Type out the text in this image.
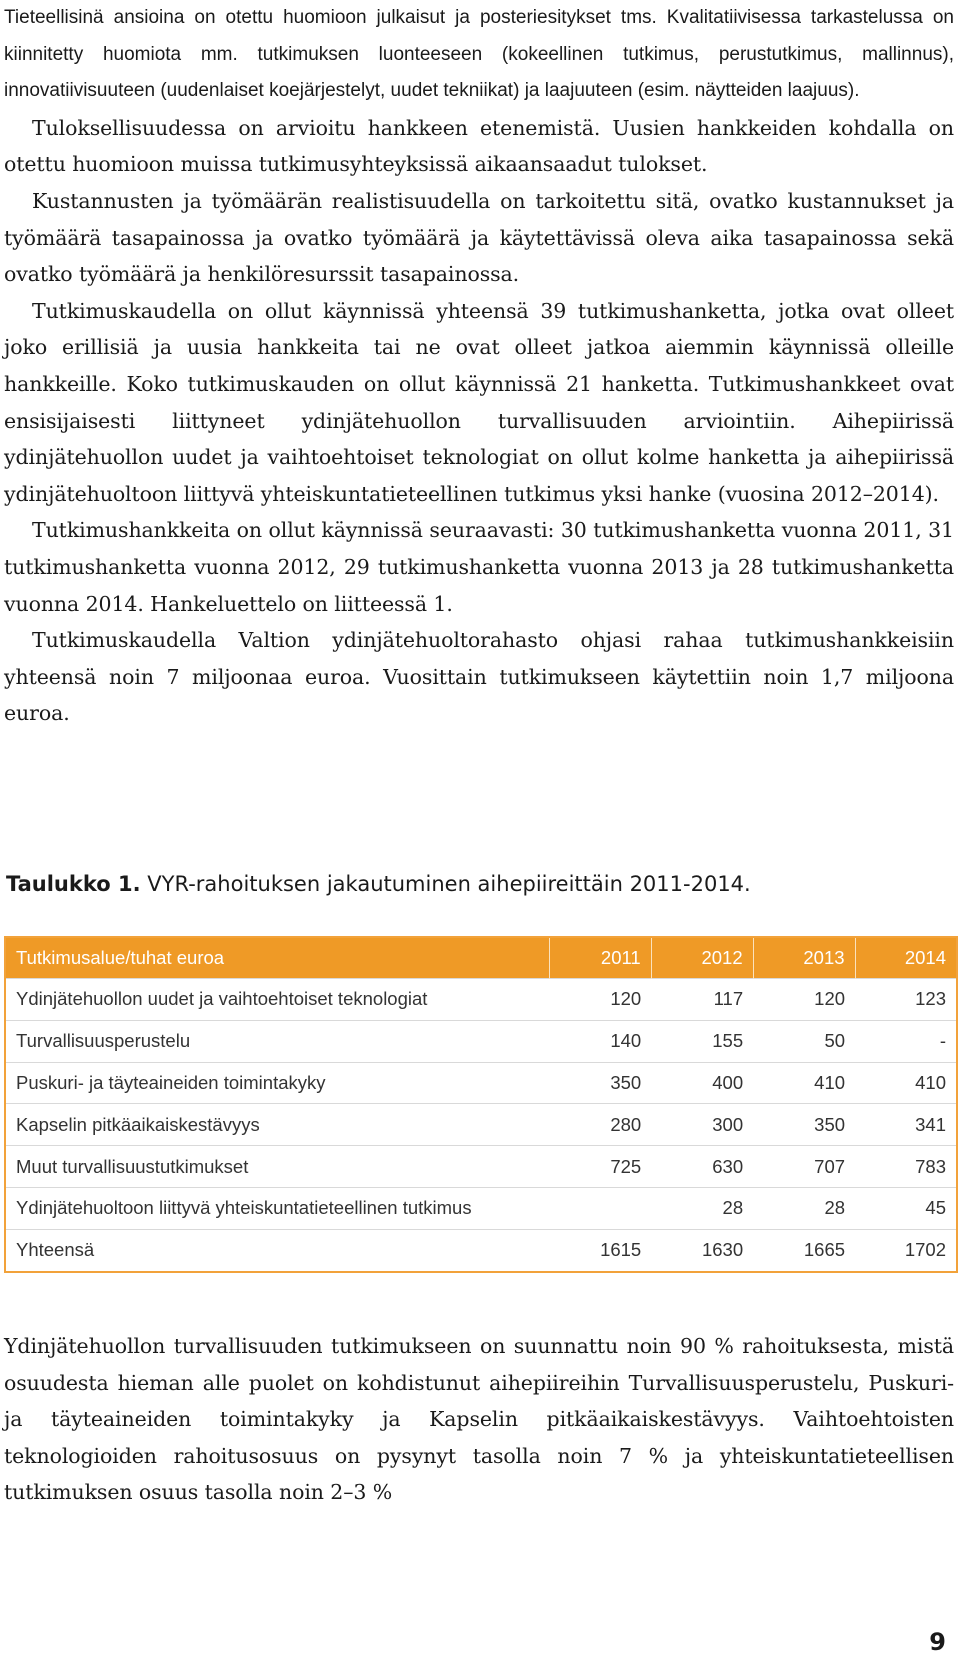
Tieteellisinä ansioina on otettu huomioon julkaisut ja posteriesitykset tms. Kvalitatiivisessa tarkastelussa on kiinnitetty huomiota mm. tutkimuksen luonteeseen (kokeellinen tutkimus, perustutkimus, mallinnus), innovatiivisuuteen (uudenlaiset koejärjestelyt, uudet tekniikat) ja laajuuteen (esim. näytteiden laajuus).

Tuloksellisuudessa on arvioitu hankkeen etenemistä. Uusien hankkeiden kohdalla on otettu huomioon muissa tutkimusyhteyksissä aikaansaadut tulokset.

Kustannusten ja työmäärän realistisuudella on tarkoitettu sitä, ovatko kustannukset ja työmäärä tasapainossa ja ovatko työmäärä ja käytettävissä oleva aika tasapainossa sekä ovatko työmäärä ja henkilöresurssit tasapainossa.

Tutkimuskaudella on ollut käynnissä yhteensä 39 tutkimushanketta, jotka ovat olleet joko erillisiä ja uusia hankkeita tai ne ovat olleet jatkoa aiemmin käynnissä olleille hankkeille. Koko tutkimuskauden on ollut käynnissä 21 hanketta. Tutkimushankkeet ovat ensisijaisesti liittyneet ydinjätehuollon turvallisuuden arviointiin. Aihepiirissä ydinjätehuollon uudet ja vaihtoehtoiset teknologiat on ollut kolme hanketta ja aihepiirissä ydinjätehuoltoon liittyvä yhteiskuntatieteellinen tutkimus yksi hanke (vuosina 2012–2014).

Tutkimushankkeita on ollut käynnissä seuraavasti: 30 tutkimushanketta vuonna 2011, 31 tutkimushanketta vuonna 2012, 29 tutkimushanketta vuonna 2013 ja 28 tutkimushanketta vuonna 2014. Hankeluettelo on liitteessä 1.

Tutkimuskaudella Valtion ydinjätehuoltorahasto ohjasi rahaa tutkimushankkeisiin yhteensä noin 7 miljoonaa euroa. Vuosittain tutkimukseen käytettiin noin 1,7 miljoona euroa.

Taulukko 1. VYR-rahoituksen jakautuminen aihepiireittäin 2011-2014.

Tutkimusalue/tuhat euroa	2011	2012	2013	2014
Ydinjätehuollon uudet ja vaihtoehtoiset teknologiat	120	117	120	123
Turvallisuusperustelu	140	155	50	-
Puskuri- ja täyteaineiden toimintakyky	350	400	410	410
Kapselin pitkäaikaiskestävyys	280	300	350	341
Muut turvallisuustutkimukset	725	630	707	783
Ydinjätehuoltoon liittyvä yhteiskuntatieteellinen tutkimus		28	28	45
Yhteensä	1615	1630	1665	1702

Ydinjätehuollon turvallisuuden tutkimukseen on suunnattu noin 90 % rahoituksesta, mistä osuudesta hieman alle puolet on kohdistunut aihepiireihin Turvallisuusperustelu, Puskuri- ja täyteaineiden toimintakyky ja Kapselin pitkäaikaiskestävyys. Vaihtoehtoisten teknologioiden rahoitusosuus on pysynyt tasolla noin 7 % ja yhteiskuntatieteellisen tutkimuksen osuus tasolla noin 2–3 %

9
